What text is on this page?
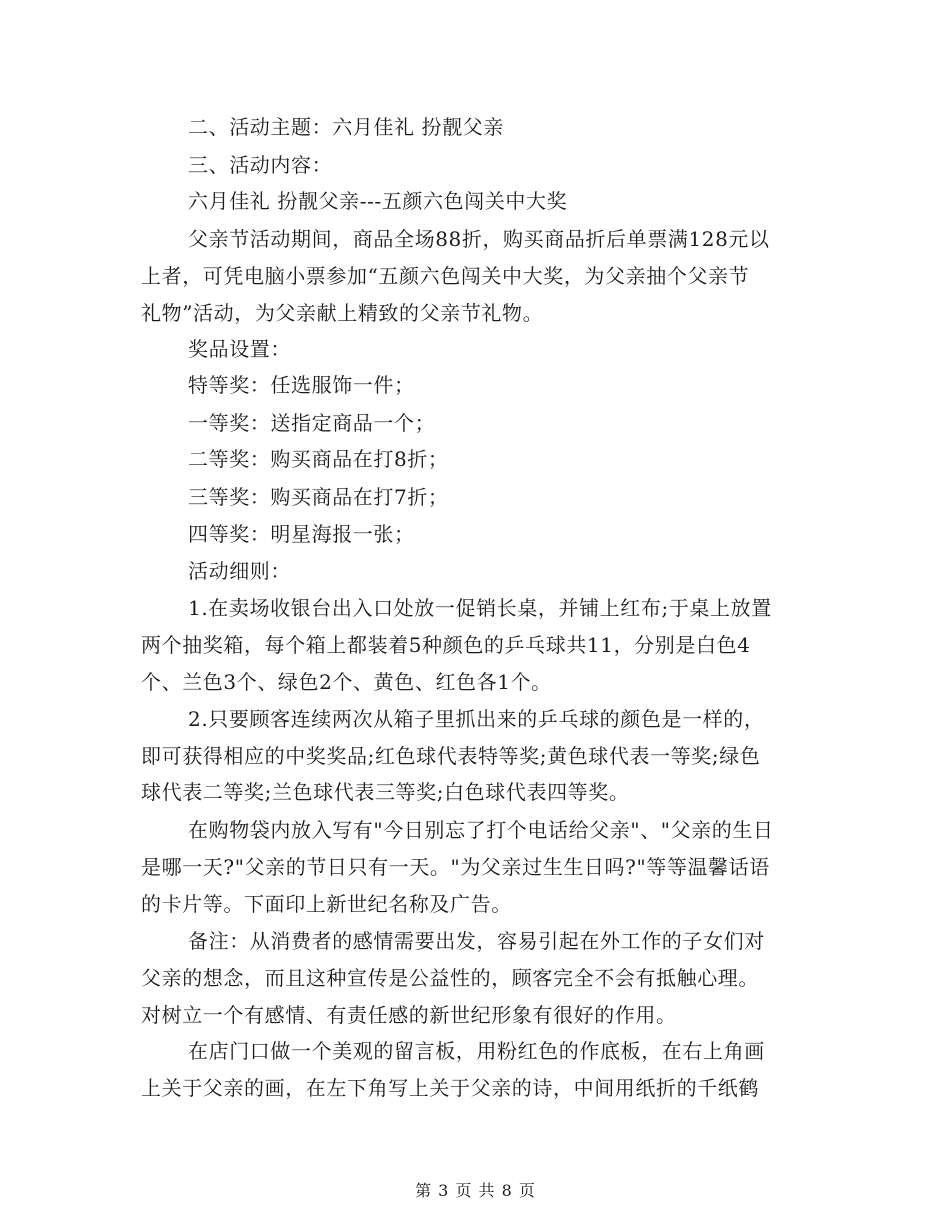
二、活动主题：六月佳礼 扮靓父亲
三、活动内容：
六月佳礼 扮靓父亲---五颜六色闯关中大奖
父亲节活动期间，商品全场88折，购买商品折后单票满128元以
上者，可凭电脑小票参加“五颜六色闯关中大奖，为父亲抽个父亲节
礼物”活动，为父亲献上精致的父亲节礼物。
奖品设置：
特等奖：任选服饰一件；
一等奖：送指定商品一个；
二等奖：购买商品在打8折；
三等奖：购买商品在打7折；
四等奖：明星海报一张；
活动细则：
1.在卖场收银台出入口处放一促销长桌，并铺上红布;于桌上放置
两个抽奖箱，每个箱上都装着5种颜色的乒乓球共11，分别是白色4
个、兰色3个、绿色2个、黄色、红色各1个。
2.只要顾客连续两次从箱子里抓出来的乒乓球的颜色是一样的，
即可获得相应的中奖奖品;红色球代表特等奖;黄色球代表一等奖;绿色
球代表二等奖;兰色球代表三等奖;白色球代表四等奖。
在购物袋内放入写有"今日别忘了打个电话给父亲"、"父亲的生日
是哪一天?"父亲的节日只有一天。"为父亲过生生日吗?"等等温馨话语
的卡片等。下面印上新世纪名称及广告。
备注：从消费者的感情需要出发，容易引起在外工作的子女们对
父亲的想念，而且这种宣传是公益性的，顾客完全不会有抵触心理。
对树立一个有感情、有责任感的新世纪形象有很好的作用。
在店门口做一个美观的留言板，用粉红色的作底板，在右上角画
上关于父亲的画，在左下角写上关于父亲的诗，中间用纸折的千纸鹤
第 3 页 共 8 页
